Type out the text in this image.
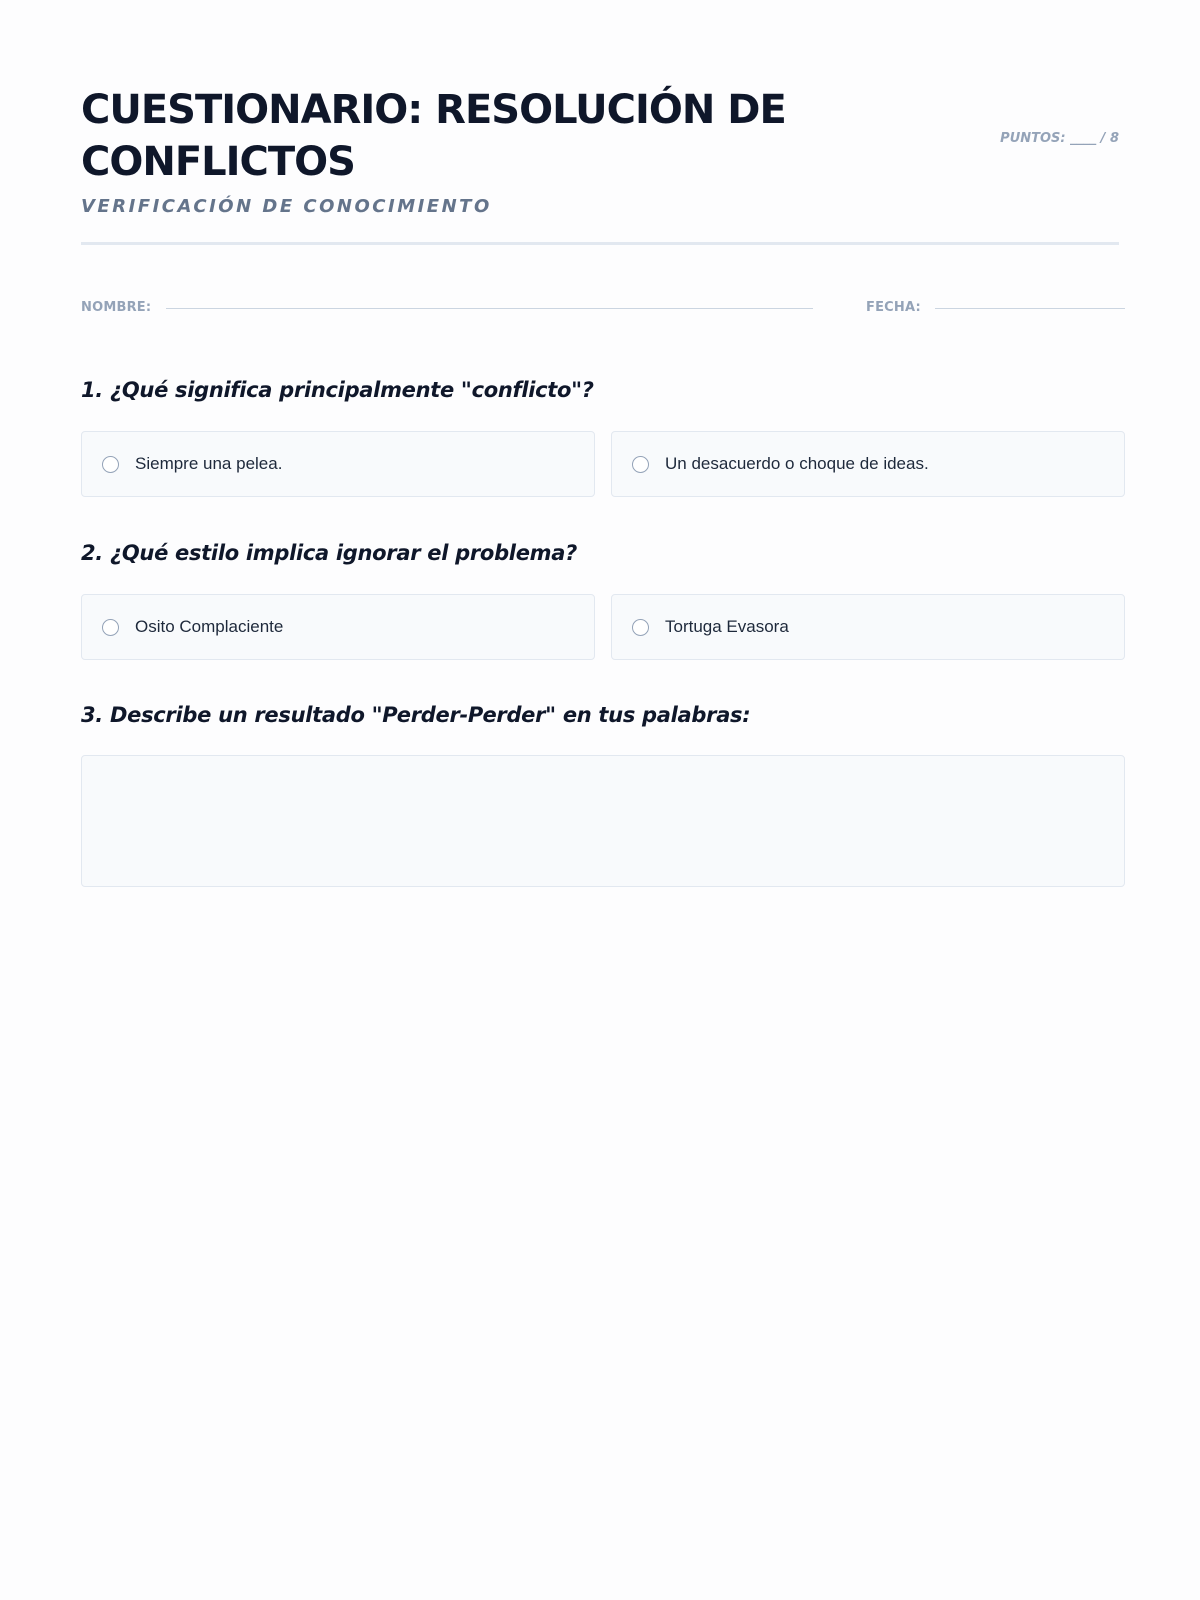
CUESTIONARIO: RESOLUCIÓN DE CONFLICTOS
VERIFICACIÓN DE CONOCIMIENTO
PUNTOS: ____ / 8
NOMBRE:	FECHA:
1. ¿Qué significa principalmente "conflicto"?
Siempre una pelea.	Un desacuerdo o choque de ideas.
2. ¿Qué estilo implica ignorar el problema?
Osito Complaciente	Tortuga Evasora
3. Describe un resultado "Perder-Perder" en tus palabras:
